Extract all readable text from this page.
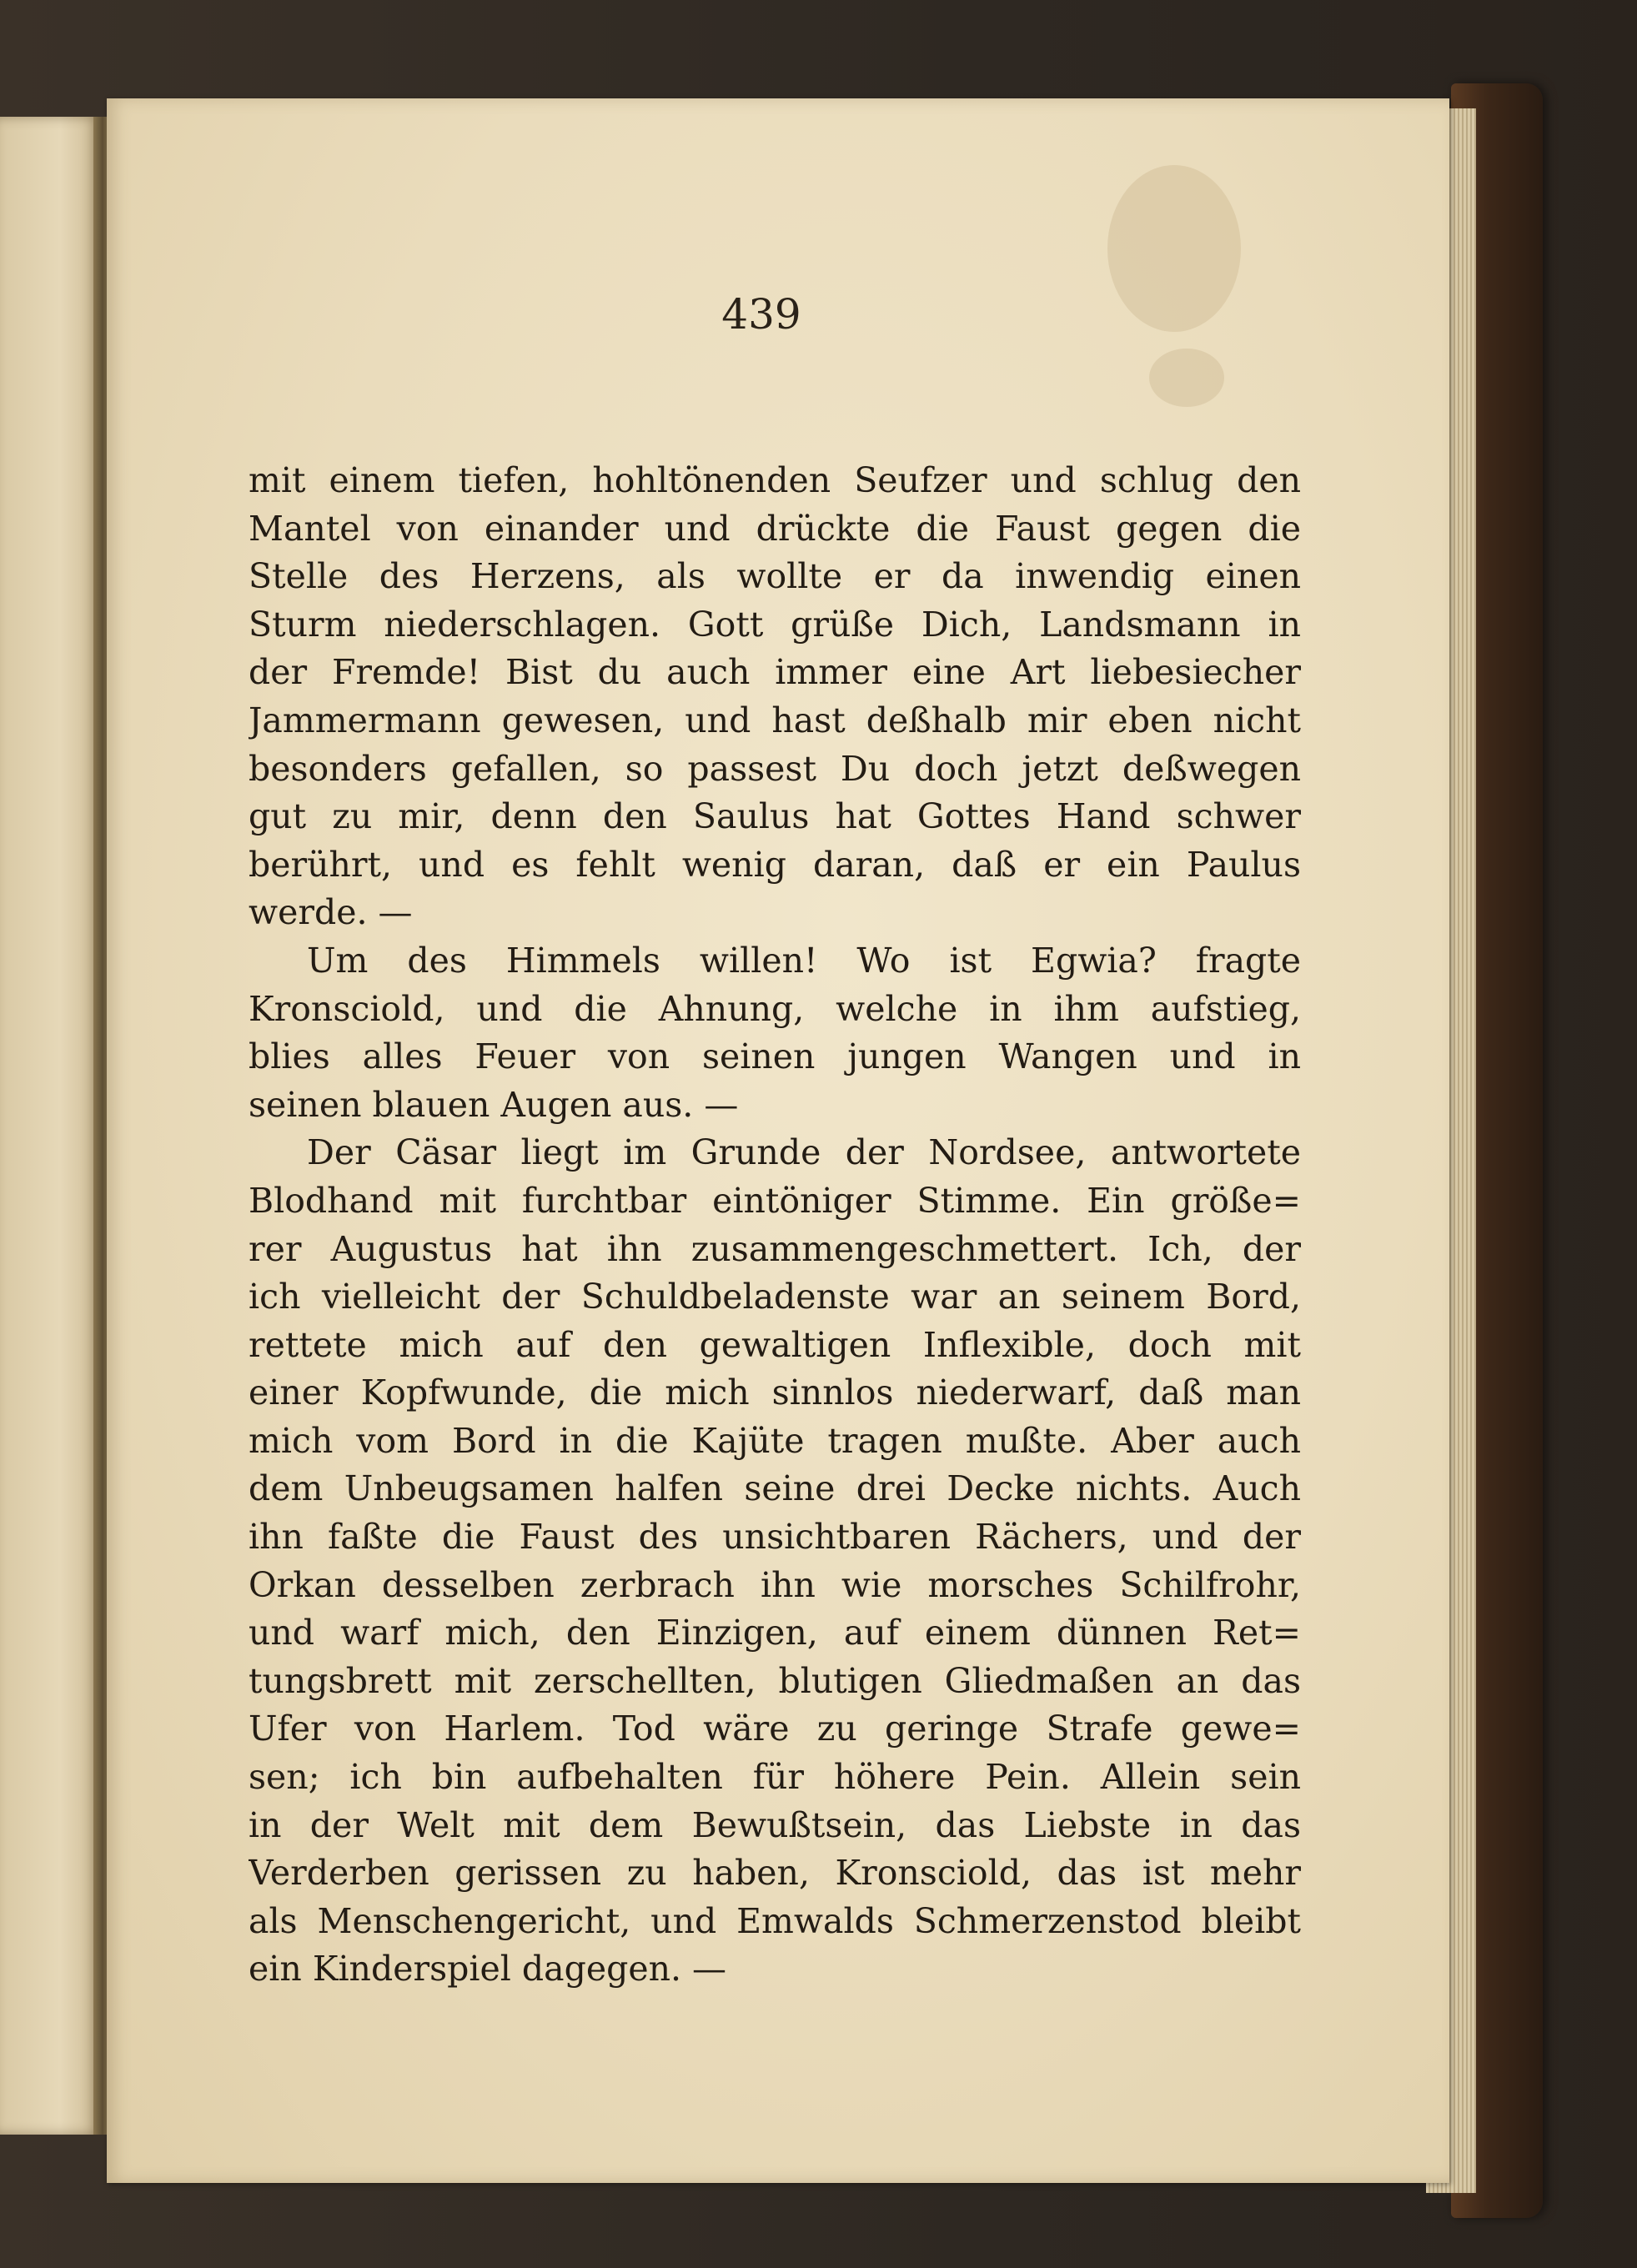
439
mit einem tiefen, hohltönenden Seufzer und schlug den
Mantel von einander und drückte die Faust gegen die
Stelle des Herzens, als wollte er da inwendig einen
Sturm niederschlagen. Gott grüße Dich, Landsmann in
der Fremde! Bist du auch immer eine Art liebesiecher
Jammermann gewesen, und hast deßhalb mir eben nicht
besonders gefallen, so passest Du doch jetzt deßwegen
gut zu mir, denn den Saulus hat Gottes Hand schwer
berührt, und es fehlt wenig daran, daß er ein Paulus
werde. —
Um des Himmels willen! Wo ist Egwia? fragte
Kronsciold, und die Ahnung, welche in ihm aufstieg,
blies alles Feuer von seinen jungen Wangen und in
seinen blauen Augen aus. —
Der Cäsar liegt im Grunde der Nordsee, antwortete
Blodhand mit furchtbar eintöniger Stimme. Ein größe=
rer Augustus hat ihn zusammengeschmettert. Ich, der
ich vielleicht der Schuldbeladenste war an seinem Bord,
rettete mich auf den gewaltigen Inflexible, doch mit
einer Kopfwunde, die mich sinnlos niederwarf, daß man
mich vom Bord in die Kajüte tragen mußte. Aber auch
dem Unbeugsamen halfen seine drei Decke nichts. Auch
ihn faßte die Faust des unsichtbaren Rächers, und der
Orkan desselben zerbrach ihn wie morsches Schilfrohr,
und warf mich, den Einzigen, auf einem dünnen Ret=
tungsbrett mit zerschellten, blutigen Gliedmaßen an das
Ufer von Harlem. Tod wäre zu geringe Strafe gewe=
sen; ich bin aufbehalten für höhere Pein. Allein sein
in der Welt mit dem Bewußtsein, das Liebste in das
Verderben gerissen zu haben, Kronsciold, das ist mehr
als Menschengericht, und Emwalds Schmerzenstod bleibt
ein Kinderspiel dagegen. —
